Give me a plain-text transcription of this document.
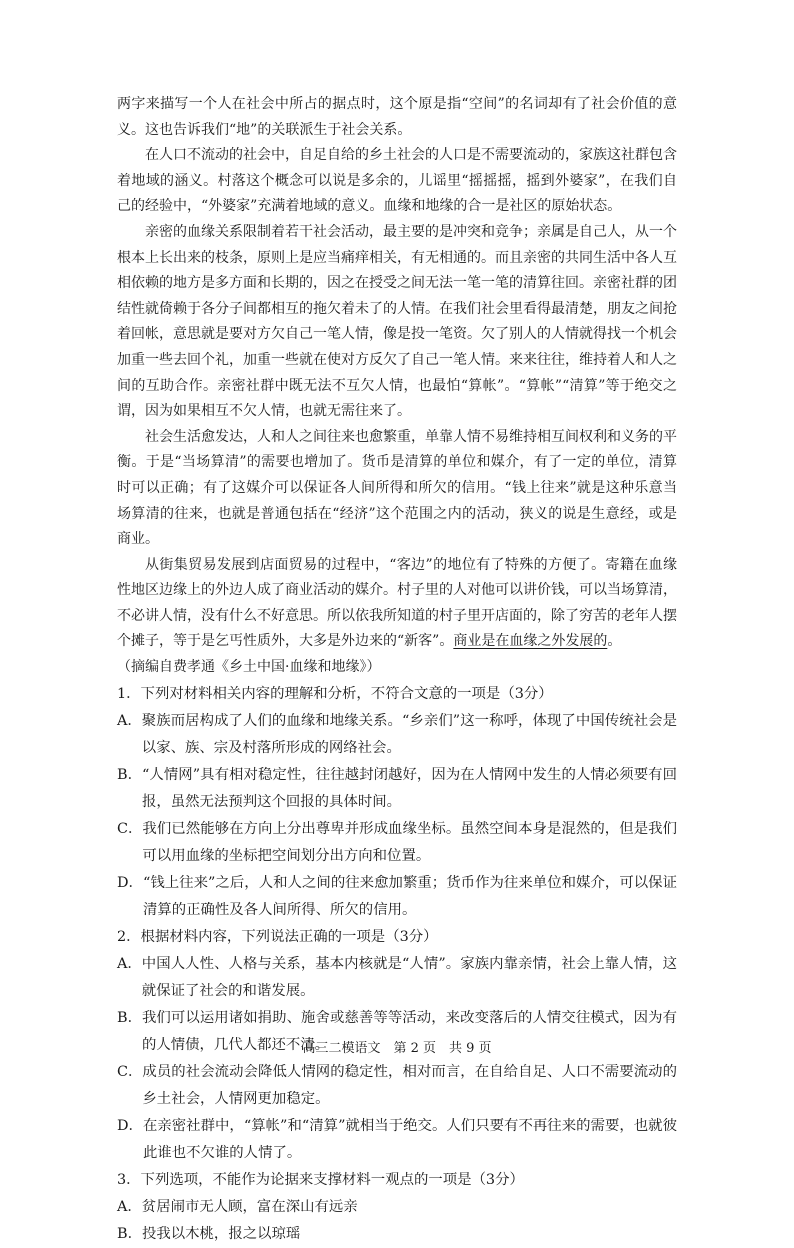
两字来描写一个人在社会中所占的据点时，这个原是指“空间”的名词却有了社会价值的意义。这也告诉我们“地”的关联派生于社会关系。

在人口不流动的社会中，自足自给的乡土社会的人口是不需要流动的，家族这社群包含着地域的涵义。村落这个概念可以说是多余的，儿谣里“摇摇摇，摇到外婆家”，在我们自己的经验中，“外婆家”充满着地域的意义。血缘和地缘的合一是社区的原始状态。

亲密的血缘关系限制着若干社会活动，最主要的是冲突和竞争；亲属是自己人，从一个根本上长出来的枝条，原则上是应当痛痒相关，有无相通的。而且亲密的共同生活中各人互相依赖的地方是多方面和长期的，因之在授受之间无法一笔一笔的清算往回。亲密社群的团结性就倚赖于各分子间都相互的拖欠着未了的人情。在我们社会里看得最清楚，朋友之间抢着回帐，意思就是要对方欠自己一笔人情，像是投一笔资。欠了别人的人情就得找一个机会加重一些去回个礼，加重一些就在使对方反欠了自己一笔人情。来来往往，维持着人和人之间的互助合作。亲密社群中既无法不互欠人情，也最怕“算帐”。“算帐”“清算”等于绝交之谓，因为如果相互不欠人情，也就无需往来了。

社会生活愈发达，人和人之间往来也愈繁重，单靠人情不易维持相互间权利和义务的平衡。于是“当场算清”的需要也增加了。货币是清算的单位和媒介，有了一定的单位，清算时可以正确；有了这媒介可以保证各人间所得和所欠的信用。“钱上往来”就是这种乐意当场算清的往来，也就是普通包括在“经济”这个范围之内的活动，狭义的说是生意经，或是商业。

从街集贸易发展到店面贸易的过程中，“客边”的地位有了特殊的方便了。寄籍在血缘性地区边缘上的外边人成了商业活动的媒介。村子里的人对他可以讲价钱，可以当场算清，不必讲人情，没有什么不好意思。所以依我所知道的村子里开店面的，除了穷苦的老年人摆个摊子，等于是乞丐性质外，大多是外边来的“新客”。商业是在血缘之外发展的。

（摘编自费孝通《乡土中国·血缘和地缘》）

1．下列对材料相关内容的理解和分析，不符合文意的一项是（3分）

A． 聚族而居构成了人们的血缘和地缘关系。“乡亲们”这一称呼，体现了中国传统社会是以家、族、宗及村落所形成的网络社会。
B． “人情网”具有相对稳定性，往往越封闭越好，因为在人情网中发生的人情必须要有回报，虽然无法预判这个回报的具体时间。
C． 我们已然能够在方向上分出尊卑并形成血缘坐标。虽然空间本身是混然的，但是我们可以用血缘的坐标把空间划分出方向和位置。
D． “钱上往来”之后，人和人之间的往来愈加繁重；货币作为往来单位和媒介，可以保证清算的正确性及各人间所得、所欠的信用。

2．根据材料内容，下列说法正确的一项是（3分）

A． 中国人人性、人格与关系，基本内核就是“人情”。家族内靠亲情，社会上靠人情，这就保证了社会的和谐发展。
B． 我们可以运用诸如捐助、施舍或慈善等等活动，来改变落后的人情交往模式，因为有的人情债，几代人都还不清。
C． 成员的社会流动会降低人情网的稳定性，相对而言，在自给自足、人口不需要流动的乡土社会，人情网更加稳定。
D． 在亲密社群中，“算帐”和“清算”就相当于绝交。人们只要有不再往来的需要，也就彼此谁也不欠谁的人情了。

3．下列选项，不能作为论据来支撑材料一观点的一项是（3分）

A． 贫居闹市无人顾，富在深山有远亲
B． 投我以木桃，报之以琼瑶
高三二模语文　第 2 页　共 9 页
